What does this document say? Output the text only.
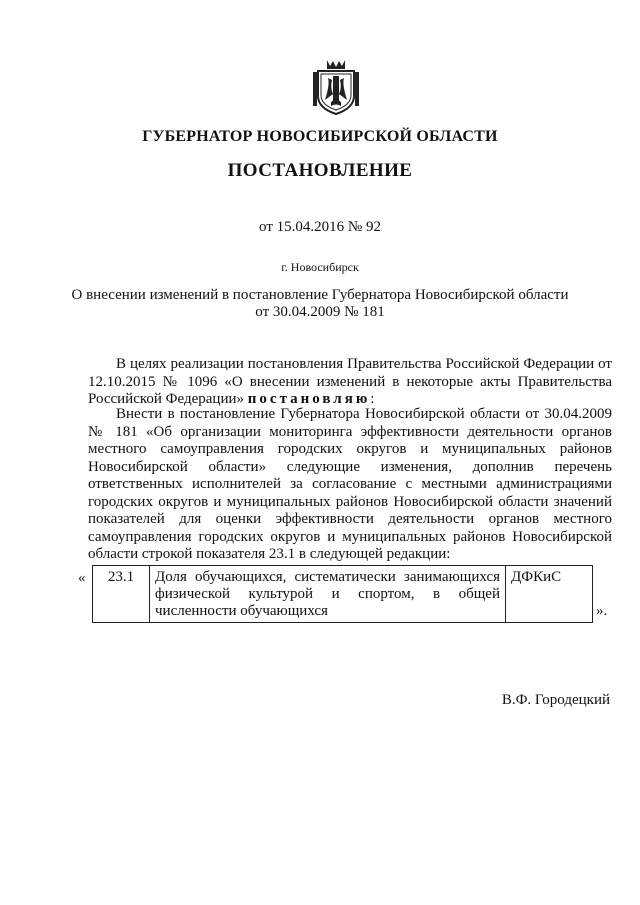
ГУБЕРНАТОР НОВОСИБИРСКОЙ ОБЛАСТИ
ПОСТАНОВЛЕНИЕ
от 15.04.2016 № 92
г. Новосибирск
О внесении изменений в постановление Губернатора Новосибирской области
от 30.04.2009 № 181

В целях реализации постановления Правительства Российской Федерации от 12.10.2015 № 1096 «О внесении изменений в некоторые акты Правительства Российской Федерации» постановляю:

Внести в постановление Губернатора Новосибирской области от 30.04.2009 № 181 «Об организации мониторинга эффективности деятельности органов местного самоуправления городских округов и муниципальных районов Новосибирской области» следующие изменения, дополнив перечень ответственных исполнителей за согласование с местными администрациями городских округов и муниципальных районов Новосибирской области значений показателей для оценки эффективности деятельности органов местного самоуправления городских округов и муниципальных районов Новосибирской области строкой показателя 23.1 в следующей редакции:

« 23.1	Доля обучающихся, систематически занимающихся физической культурой и спортом, в общей численности обучающихся	ДФКиС
».
В.Ф. Городецкий
